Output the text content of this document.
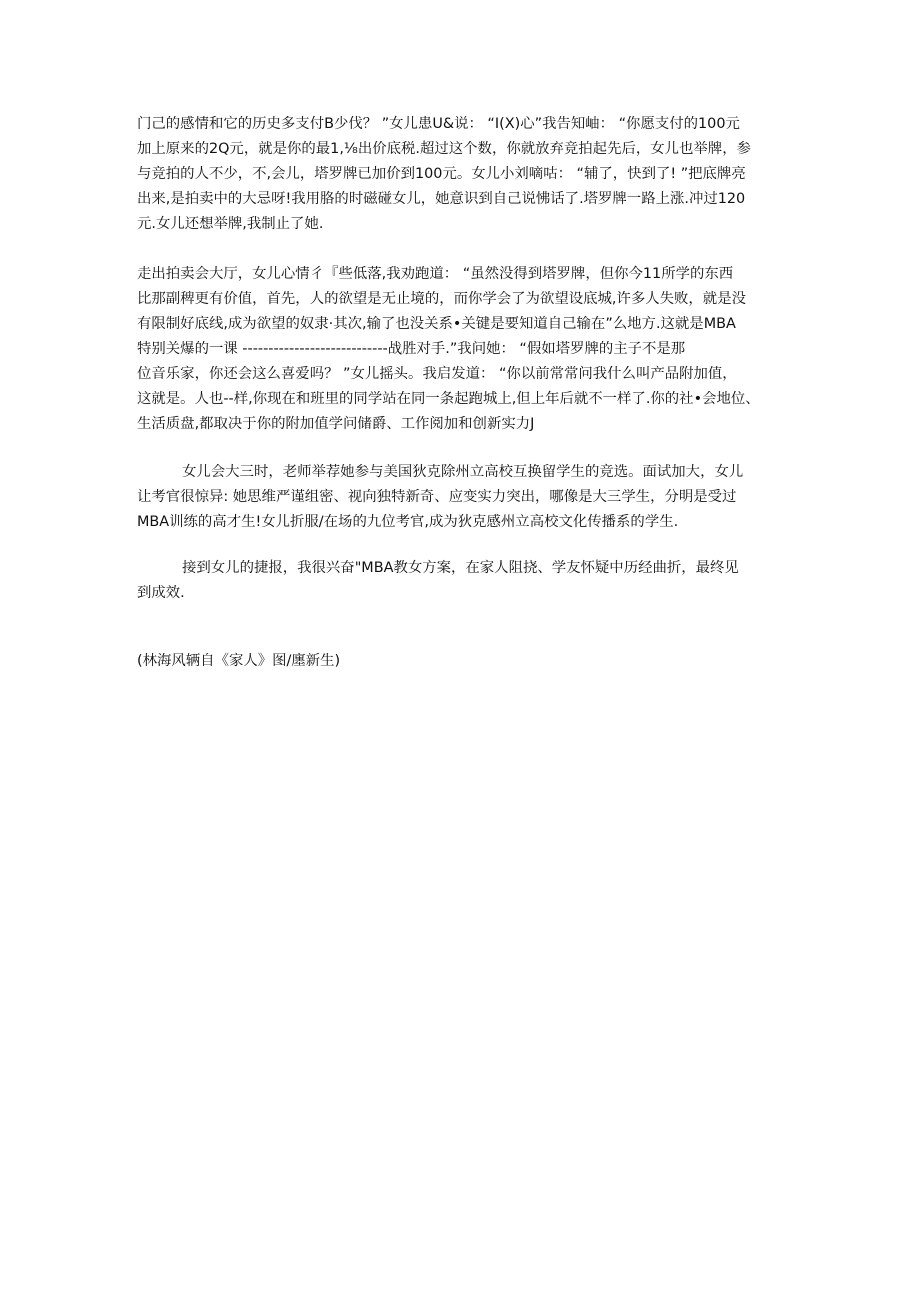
门己的感情和它的历史多支付B少伐？ ”女儿患U&说： “I(X)心”我告知岫： “你愿支付的100元
加上原来的2Q元，就是你的最1,⅛出价底税.超过这个数，你就放弃竞拍起先后，女儿也举牌，参
与竞拍的人不少，不,会儿，塔罗牌已加价到100元。女儿小刘嘀咕： “辅了，快到了! ”把底牌亮
出来,是拍卖中的大忌呀!我用胳的时磁碰女儿，她意识到自己说怫话了.塔罗牌一路上涨.冲过120
元.女儿还想举牌,我制止了她.

走出拍卖会大厅，女儿心情彳『些低落,我劝跑道： “虽然没得到塔罗牌，但你今11所学的东西
比那副稗更有价值，首先，人的欲望是无止境的，而你学会了为欲望设底城,许多人失败，就是没
有限制好底线,成为欲望的奴隶·其次,输了也没关系•关键是要知道自己输在”么地方.这就是MBA
特别关爆的一课 ----------------------------战胜对手.”我问她： “假如塔罗牌的主子不是那
位音乐家，你还会这么喜爱吗？ ”女儿摇头。我启发道： “你以前常常问我什么叫产品附加值，
这就是。人也--样,你现在和班里的同学站在同一条起跑城上,但上年后就不一样了.你的社•会地位、
生活质盘,都取决于你的附加值学问储爵、工作阅加和创新实力J

女儿会大三时，老师举荐她参与美国狄克除州立高校互换留学生的竞选。面试加大，女儿
让考官很惊异: 她思维严谨组密、视向独特新奇、应变实力突出，哪像是大三学生，分明是受过
MBA训练的高才生!女儿折服/在场的九位考官,成为狄克感州立高校文化传播系的学生.

接到女儿的捷报，我很兴奋"MBA教女方案，在家人阻挠、学友怀疑中历经曲折，最终见
到成效.

(林海风辆自《家人》图/廛新生)
